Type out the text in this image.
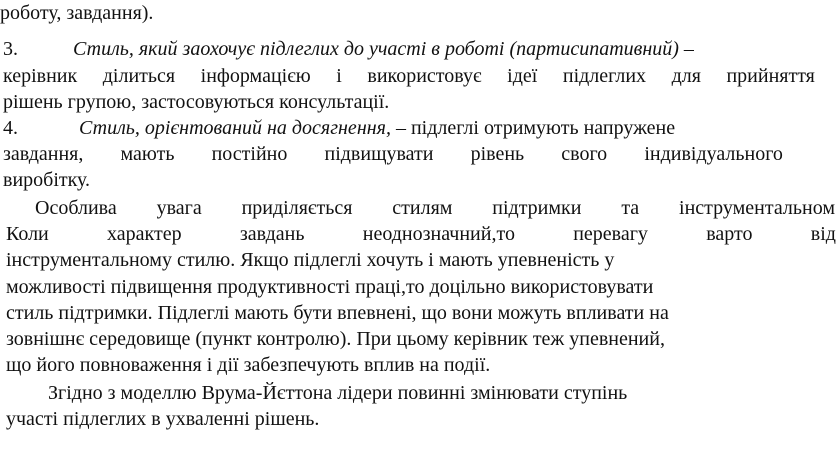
роботу, завдання).
3.	Стиль, який заохочує підлеглих до участі в роботі (партисипативний) –
керівник ділиться інформацією і використовує ідеї підлеглих для прийняття
рішень групою, застосовуються консультації.
4.	Стиль, орієнтований на досягнення, – підлеглі отримують напружене
завдання, мають постійно підвищувати рівень свого індивідуального
виробітку.
Особлива увага приділяється стилям підтримки та інструментальном
Коли	характер	завдань	неоднозначний,то	перевагу	варто	від
інструментальному стилю. Якщо підлеглі хочуть і мають упевненість у
можливості підвищення продуктивності праці,то доцільно використовувати
стиль підтримки. Підлеглі мають бути впевнені, що вони можуть впливати на
зовнішнє середовище (пункт контролю). При цьому керівник теж упевнений,
що його повноваження і дії забезпечують вплив на події.
Згідно з моделлю Врума-Йєттона лідери повинні змінювати ступінь
участі підлеглих в ухваленні рішень.
